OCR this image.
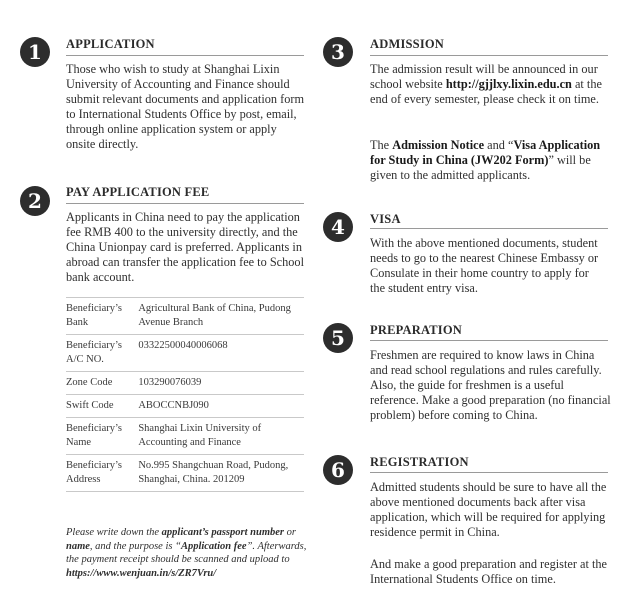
1	APPLICATION

Those who wish to study at Shanghai Lixin University of Accounting and Finance should submit relevant documents and application form to International Students Office by post, email, through online application system or apply onsite directly.

2	PAY APPLICATION FEE

Applicants in China need to pay the application fee RMB 400 to the university directly, and the China Unionpay card is preferred. Applicants in abroad can transfer the application fee to School bank account.

Beneficiary’s Bank	Agricultural Bank of China, Pudong Avenue Branch
Beneficiary’s A/C NO.	03322500040006068
Zone Code	103290076039
Swift Code	ABOCCNBJ090
Beneficiary’s Name	Shanghai Lixin University of Accounting and Finance
Beneficiary’s Address	No.995 Shangchuan Road, Pudong, Shanghai, China. 201209

Please write down the applicant’s passport number or name, and the purpose is “Application fee”. Afterwards, the payment receipt should be scanned and upload to https://www.wenjuan.in/s/ZR7Vru/

3	ADMISSION

The admission result will be announced in our school website http://gjjlxy.lixin.edu.cn at the end of every semester, please check it on time.

The Admission Notice and “Visa Application for Study in China (JW202 Form)” will be given to the admitted applicants.

4	VISA

With the above mentioned documents, student needs to go to the nearest Chinese Embassy or Consulate in their home country to apply for the student entry visa.

5	PREPARATION

Freshmen are required to know laws in China and read school regulations and rules carefully. Also, the guide for freshmen is a useful reference. Make a good preparation (no financial problem) before coming to China.

6	REGISTRATION

Admitted students should be sure to have all the above mentioned documents back after visa application, which will be required for applying residence permit in China.

And make a good preparation and register at the International Students Office on time.
